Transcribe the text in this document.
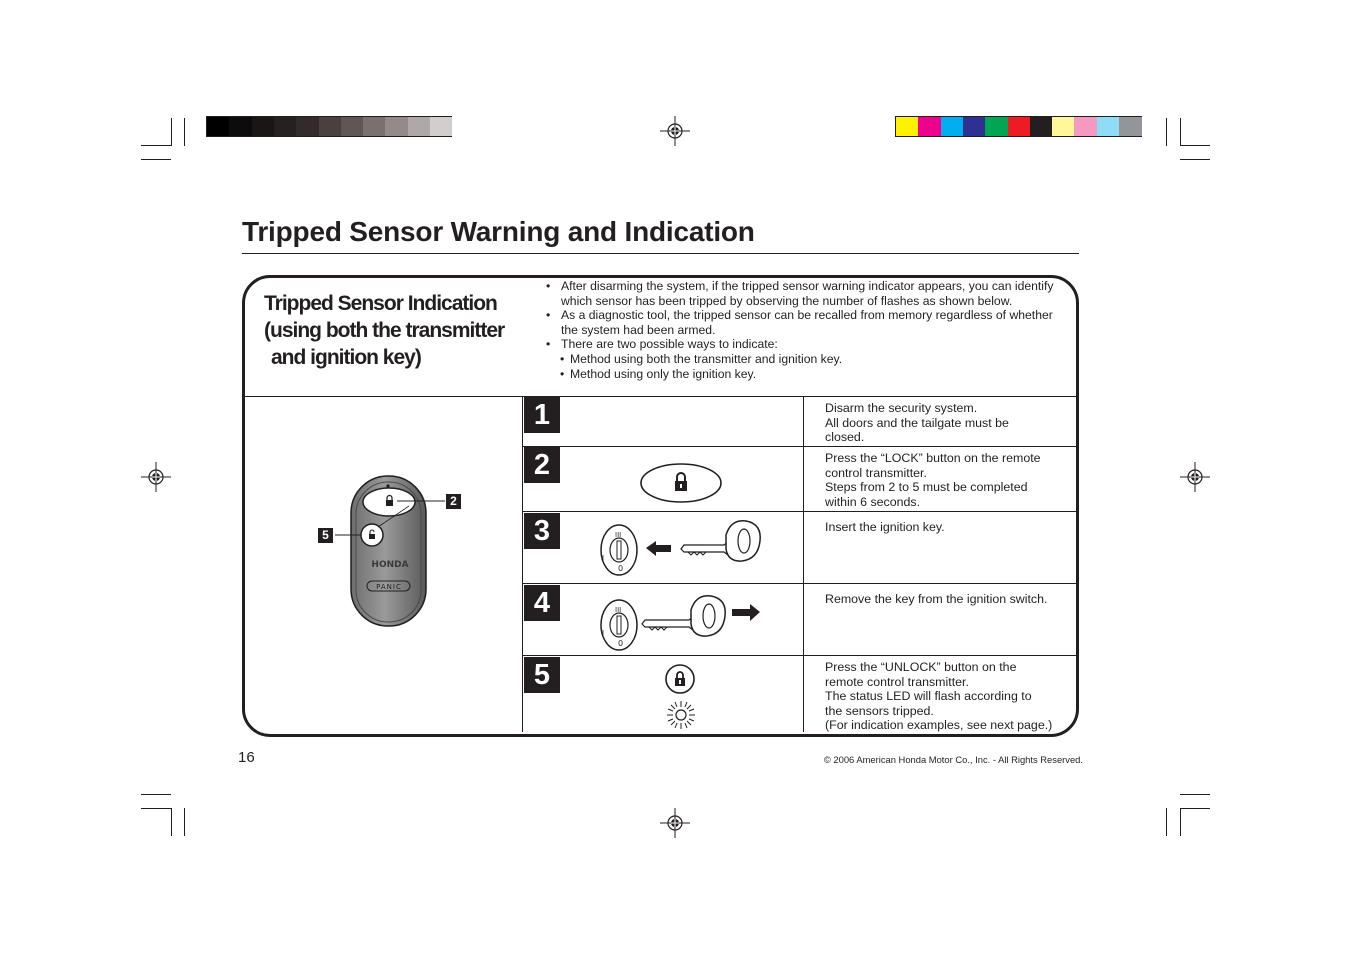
Tripped Sensor Warning and Indication
Tripped Sensor Indication
(using both the transmitter
and ignition key)
• After disarming the system, if the tripped sensor warning indicator appears, you can identify which sensor has been tripped by observing the number of flashes as shown below.
• As a diagnostic tool, the tripped sensor can be recalled from memory regardless of whether the system had been armed.
• There are two possible ways to indicate:
• Method using both the transmitter and ignition key.
• Method using only the ignition key.
HONDA
PANIC
2
5
1
2
3
4
5
0
III
I
0
III
I
Disarm the security system.
All doors and the tailgate must be
closed.
Press the “LOCK” button on the remote
control transmitter.
Steps from 2 to 5 must be completed
within 6 seconds.
Insert the ignition key.
Remove the key from the ignition switch.
Press the “UNLOCK” button on the
remote control transmitter.
The status LED will flash according to
the sensors tripped.
(For indication examples, see next page.)
16	© 2006 American Honda Motor Co., Inc. - All Rights Reserved.
